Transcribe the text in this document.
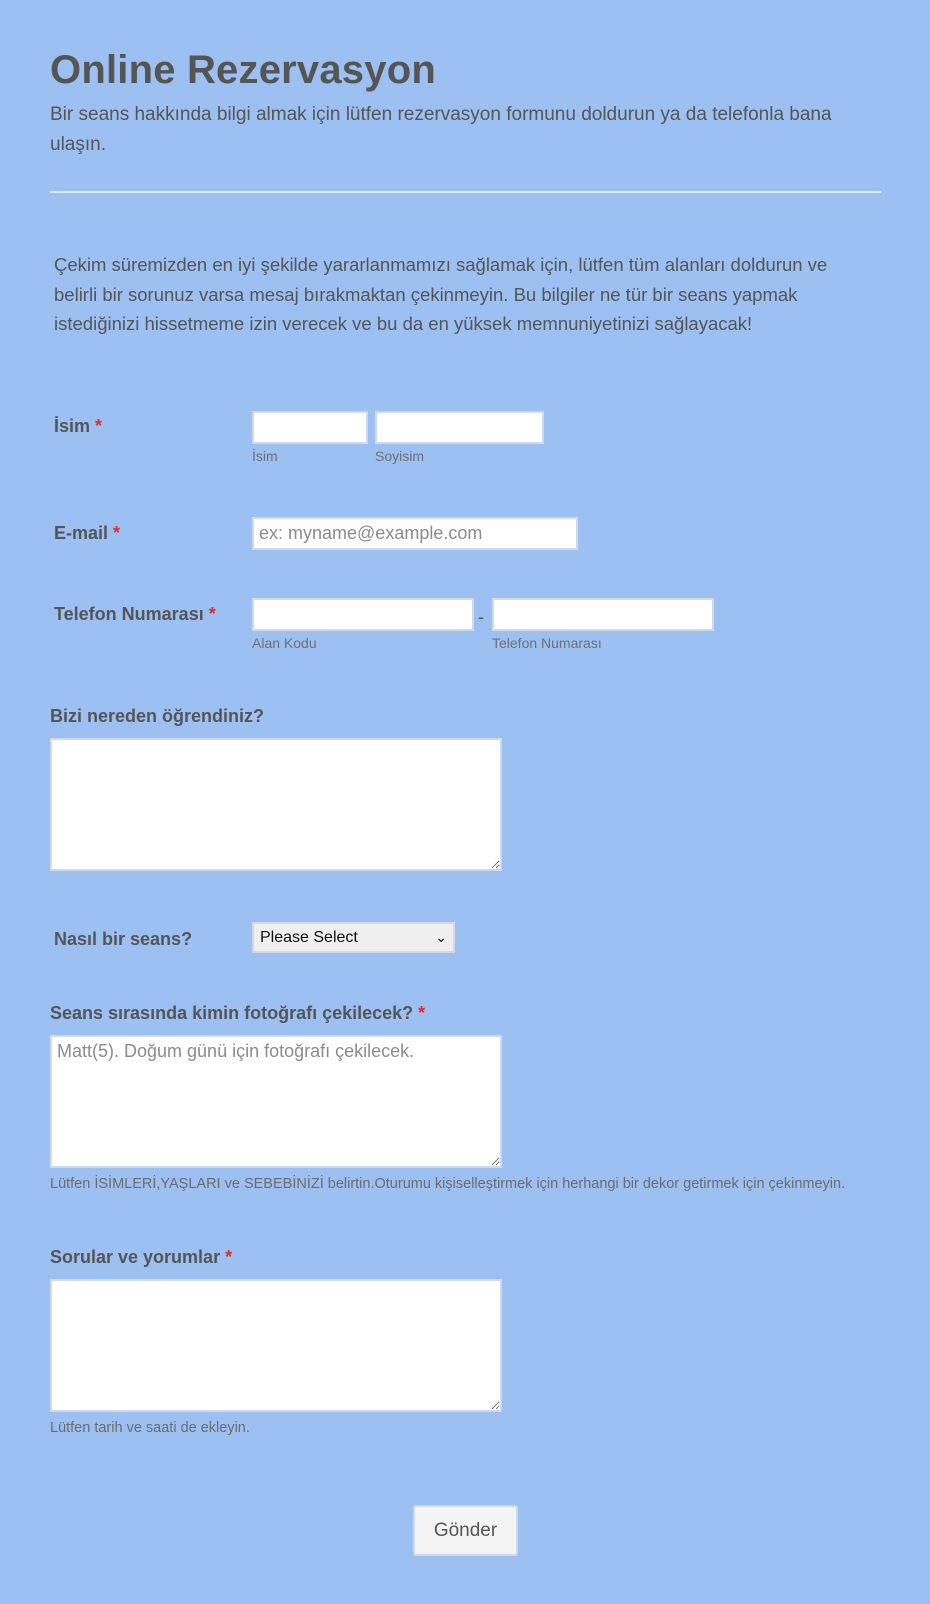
Online Rezervasyon

Bir seans hakkında bilgi almak için lütfen rezervasyon formunu doldurun ya da telefonla bana ulaşın.

Çekim süremizden en iyi şekilde yararlanmamızı sağlamak için, lütfen tüm alanları doldurun ve belirli bir sorunuz varsa mesaj bırakmaktan çekinmeyin. Bu bilgiler ne tür bir seans yapmak istediğinizi hissetmeme izin verecek ve bu da en yüksek memnuniyetinizi sağlayacak!

İsim *
İsim	Soyisim
E-mail *
ex: myname@example.com
Telefon Numarası *	-
Alan Kodu	Telefon Numarası
Bizi nereden öğrendiniz?
Nasıl bir seans?	Please Select	⌄
Seans sırasında kimin fotoğrafı çekilecek? *
Matt(5). Doğum günü için fotoğrafı çekilecek.
Lütfen İSİMLERİ,YAŞLARI ve SEBEBİNİZİ belirtin.Oturumu kişiselleştirmek için herhangi bir dekor getirmek için çekinmeyin.
Sorular ve yorumlar *
Lütfen tarih ve saati de ekleyin.
Gönder
